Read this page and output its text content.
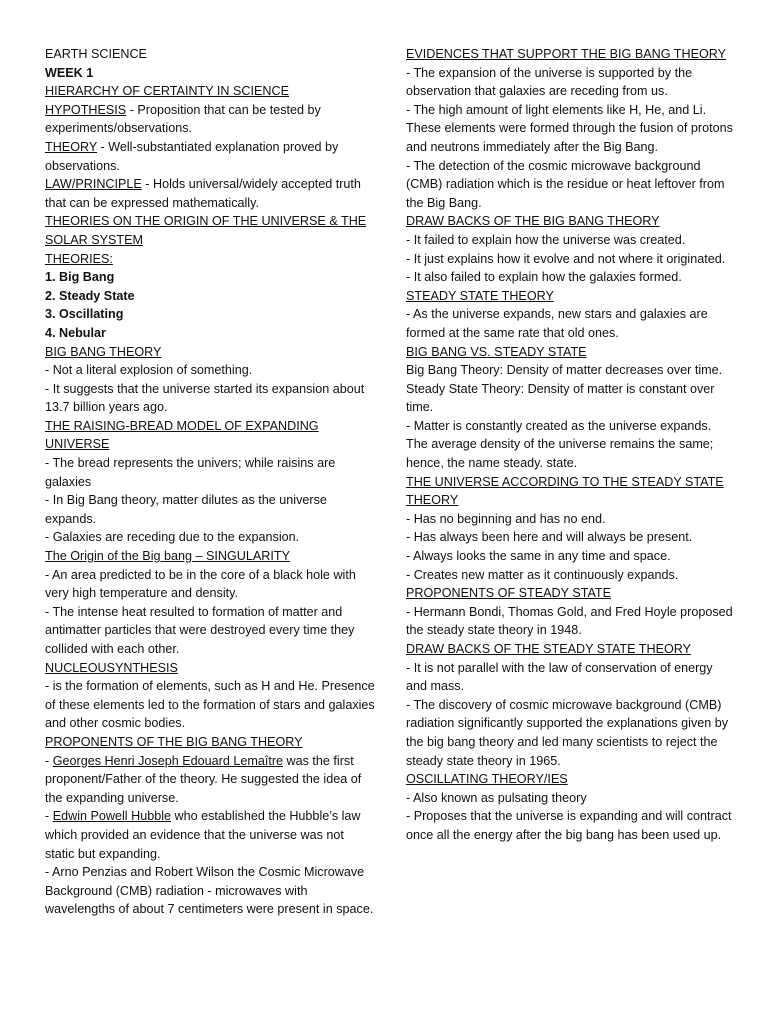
EARTH SCIENCE

WEEK 1

HIERARCHY OF CERTAINTY IN SCIENCE

HYPOTHESIS - Proposition that can be tested by experiments/observations.

THEORY - Well-substantiated explanation proved by observations.

LAW/PRINCIPLE - Holds universal/widely accepted truth that can be expressed mathematically.

THEORIES ON THE ORIGIN OF THE UNIVERSE & THE SOLAR SYSTEM

THEORIES:

1. Big Bang

2. Steady State

3. Oscillating

4. Nebular

BIG BANG THEORY

- Not a literal explosion of something.

- It suggests that the universe started its expansion about 13.7 billion years ago.

THE RAISING-BREAD MODEL OF EXPANDING UNIVERSE

- The bread represents the univers; while raisins are galaxies

- In Big Bang theory, matter dilutes as the universe expands.

- Galaxies are receding due to the expansion.

The Origin of the Big bang – SINGULARITY

- An area predicted to be in the core of a black hole with very high temperature and density.

- The intense heat resulted to formation of matter and antimatter particles that were destroyed every time they collided with each other.

NUCLEOUSYNTHESIS

- is the formation of elements, such as H and He. Presence of these elements led to the formation of stars and galaxies and other cosmic bodies.

PROPONENTS OF THE BIG BANG THEORY

- Georges Henri Joseph Edouard Lemaître was the first proponent/Father of the theory. He suggested the idea of the expanding universe.

- Edwin Powell Hubble who established the Hubble’s law which provided an evidence that the universe was not static but expanding.

- Arno Penzias and Robert Wilson the Cosmic Microwave Background (CMB) radiation - microwaves with wavelengths of about 7 centimeters were present in space.

EVIDENCES THAT SUPPORT THE BIG BANG THEORY

- The expansion of the universe is supported by the observation that galaxies are receding from us.

- The high amount of light elements like H, He, and Li. These elements were formed through the fusion of protons and neutrons immediately after the Big Bang.

- The detection of the cosmic microwave background (CMB) radiation which is the residue or heat leftover from the Big Bang.

DRAW BACKS OF THE BIG BANG THEORY

- It failed to explain how the universe was created.

- It just explains how it evolve and not where it originated.

- It also failed to explain how the galaxies formed.

STEADY STATE THEORY

- As the universe expands, new stars and galaxies are formed at the same rate that old ones.

BIG BANG VS. STEADY STATE

Big Bang Theory: Density of matter decreases over time.

Steady State Theory: Density of matter is constant over time.

- Matter is constantly created as the universe expands. The average density of the universe remains the same; hence, the name steady. state.

THE UNIVERSE ACCORDING TO THE STEADY STATE THEORY

- Has no beginning and has no end.

- Has always been here and will always be present.

- Always looks the same in any time and space.

- Creates new matter as it continuously expands.

PROPONENTS OF STEADY STATE

- Hermann Bondi, Thomas Gold, and Fred Hoyle proposed the steady state theory in 1948.

DRAW BACKS OF THE STEADY STATE THEORY

- It is not parallel with the law of conservation of energy and mass.

- The discovery of cosmic microwave background (CMB) radiation significantly supported the explanations given by the big bang theory and led many scientists to reject the steady state theory in 1965.

OSCILLATING THEORY/IES

- Also known as pulsating theory

- Proposes that the universe is expanding and will contract once all the energy after the big bang has been used up.
